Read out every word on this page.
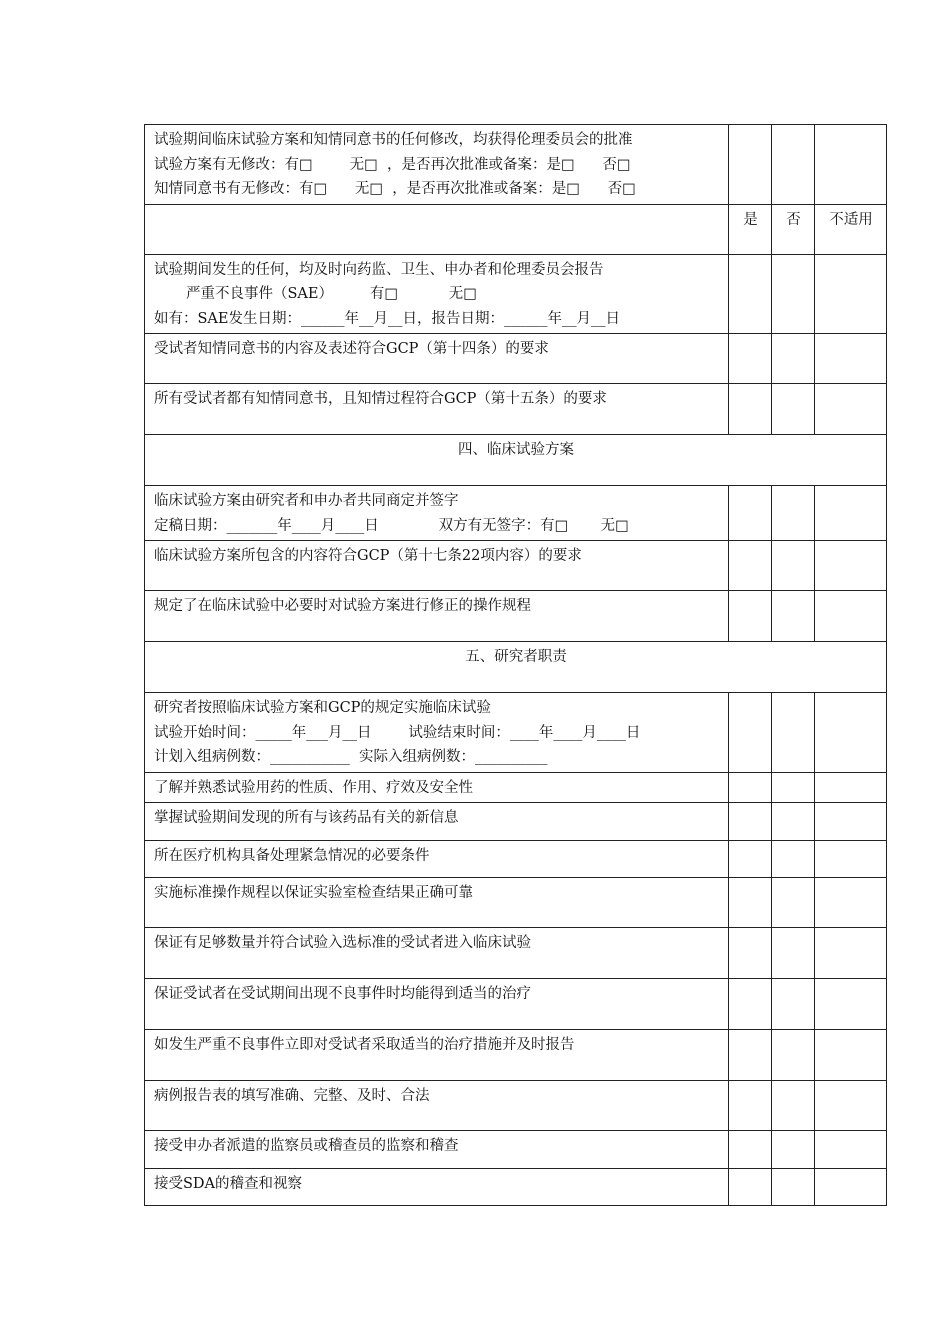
试验期间临床试验方案和知情同意书的任何修改，均获得伦理委员会的批准
试验方案有无修改：有□        无□  ，是否再次批准或备案：是□      否□
知情同意书有无修改：有□      无□  ，是否再次批准或备案：是□      否□			

	是	否	不适用

试验期间发生的任何，均及时向药监、卫生、申办者和伦理委员会报告
严重不良事件（SAE）        有□           无□
如有：SAE发生日期：______年__月__日，报告日期：______年__月__日			

受试者知情同意书的内容及表述符合GCP（第十四条）的要求			

所有受试者都有知情同意书，且知情过程符合GCP（第十五条）的要求			

四、临床试验方案			

临床试验方案由研究者和申办者共同商定并签字
定稿日期：_______年____月____日             双方有无签字：有□       无□			

临床试验方案所包含的内容符合GCP（第十七条22项内容）的要求			

规定了在临床试验中必要时对试验方案进行修正的操作规程			

五、研究者职责			

研究者按照临床试验方案和GCP的规定实施临床试验
试验开始时间：_____年___月__日        试验结束时间：____年____月____日
计划入组病例数：___________  实际入组病例数：__________			

了解并熟悉试验用药的性质、作用、疗效及安全性			

掌握试验期间发现的所有与该药品有关的新信息			

所在医疗机构具备处理紧急情况的必要条件			

实施标准操作规程以保证实验室检查结果正确可靠			

保证有足够数量并符合试验入选标准的受试者进入临床试验			

保证受试者在受试期间出现不良事件时均能得到适当的治疗			

如发生严重不良事件立即对受试者采取适当的治疗措施并及时报告			

病例报告表的填写准确、完整、及时、合法			

接受申办者派遣的监察员或稽查员的监察和稽查			

接受SDA的稽查和视察			
